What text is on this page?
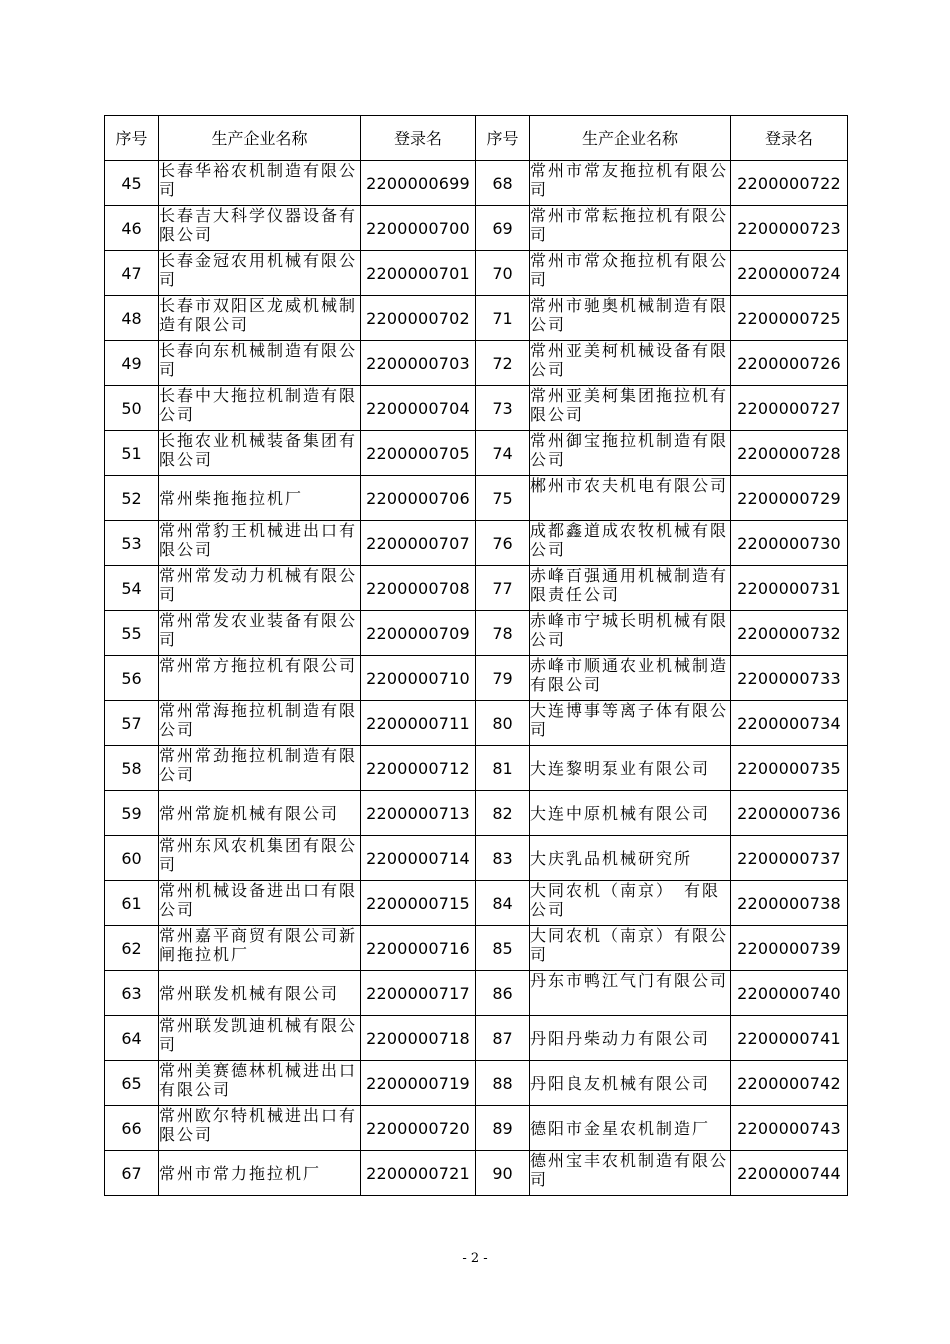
序号	生产企业名称	登录名	序号	生产企业名称	登录名
45	长春华裕农机制造有限公司	2200000699	68	常州市常友拖拉机有限公司	2200000722
46	长春吉大科学仪器设备有限公司	2200000700	69	常州市常耘拖拉机有限公司	2200000723
47	长春金冠农用机械有限公司	2200000701	70	常州市常众拖拉机有限公司	2200000724
48	长春市双阳区龙威机械制造有限公司	2200000702	71	常州市驰奥机械制造有限公司	2200000725
49	长春向东机械制造有限公司	2200000703	72	常州亚美柯机械设备有限公司	2200000726
50	长春中大拖拉机制造有限公司	2200000704	73	常州亚美柯集团拖拉机有限公司	2200000727
51	长拖农业机械装备集团有限公司	2200000705	74	常州御宝拖拉机制造有限公司	2200000728
52	常州柴拖拖拉机厂	2200000706	75	郴州市农夫机电有限公司	2200000729
53	常州常豹王机械进出口有限公司	2200000707	76	成都鑫道成农牧机械有限公司	2200000730
54	常州常发动力机械有限公司	2200000708	77	赤峰百强通用机械制造有限责任公司	2200000731
55	常州常发农业装备有限公司	2200000709	78	赤峰市宁城长明机械有限公司	2200000732
56	常州常方拖拉机有限公司	2200000710	79	赤峰市顺通农业机械制造有限公司	2200000733
57	常州常海拖拉机制造有限公司	2200000711	80	大连博事等离子体有限公司	2200000734
58	常州常劲拖拉机制造有限公司	2200000712	81	大连黎明泵业有限公司	2200000735
59	常州常旋机械有限公司	2200000713	82	大连中原机械有限公司	2200000736
60	常州东风农机集团有限公司	2200000714	83	大庆乳品机械研究所	2200000737
61	常州机械设备进出口有限公司	2200000715	84	大同农机（南京）　有限公司	2200000738
62	常州嘉平商贸有限公司新闸拖拉机厂	2200000716	85	大同农机（南京）有限公司	2200000739
63	常州联发机械有限公司	2200000717	86	丹东市鸭江气门有限公司	2200000740
64	常州联发凯迪机械有限公司	2200000718	87	丹阳丹柴动力有限公司	2200000741
65	常州美赛德林机械进出口有限公司	2200000719	88	丹阳良友机械有限公司	2200000742
66	常州欧尔特机械进出口有限公司	2200000720	89	德阳市金星农机制造厂	2200000743
67	常州市常力拖拉机厂	2200000721	90	德州宝丰农机制造有限公司	2200000744
- 2 -
